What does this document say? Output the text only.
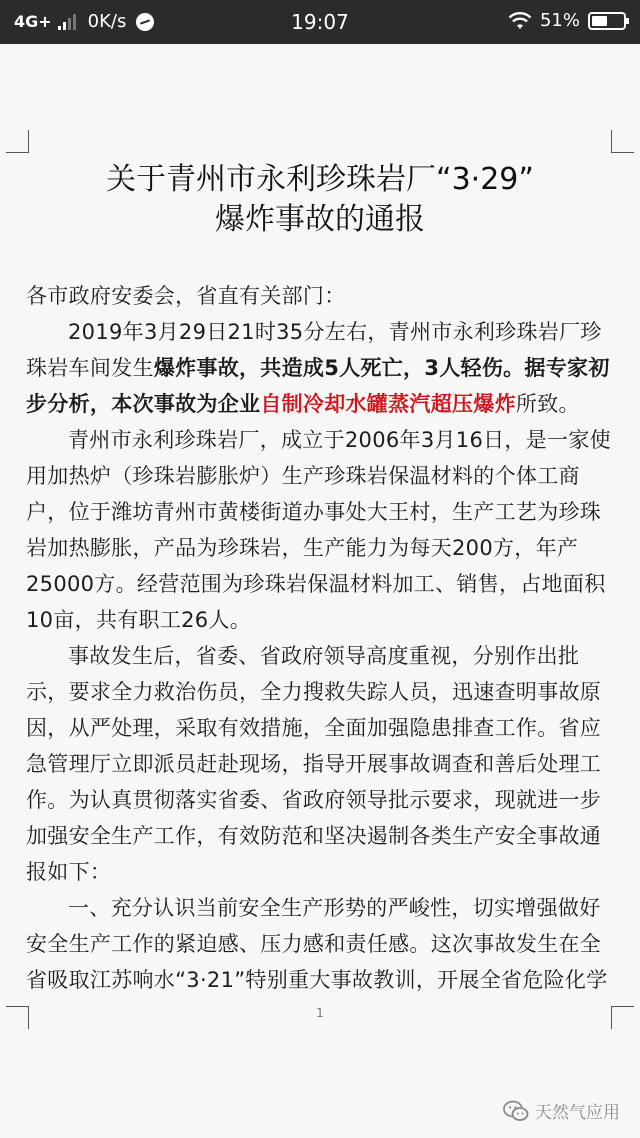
4G+ 0K/s	19:07	51%
关于青州市永利珍珠岩厂“3·29”
爆炸事故的通报

各市政府安委会，省直有关部门：

2019年3月29日21时35分左右，青州市永利珍珠岩厂珍珠岩车间发生爆炸事故，共造成5人死亡，3人轻伤。据专家初步分析，本次事故为企业自制冷却水罐蒸汽超压爆炸所致。

青州市永利珍珠岩厂，成立于2006年3月16日，是一家使用加热炉（珍珠岩膨胀炉）生产珍珠岩保温材料的个体工商户，位于潍坊青州市黄楼街道办事处大王村，生产工艺为珍珠岩加热膨胀，产品为珍珠岩，生产能力为每天200方，年产25000方。经营范围为珍珠岩保温材料加工、销售，占地面积10亩，共有职工26人。

事故发生后，省委、省政府领导高度重视，分别作出批示，要求全力救治伤员，全力搜救失踪人员，迅速查明事故原因，从严处理，采取有效措施，全面加强隐患排查工作。省应急管理厅立即派员赶赴现场，指导开展事故调查和善后处理工作。为认真贯彻落实省委、省政府领导批示要求，现就进一步加强安全生产工作，有效防范和坚决遏制各类生产安全事故通报如下：

一、充分认识当前安全生产形势的严峻性，切实增强做好安全生产工作的紧迫感、压力感和责任感。这次事故发生在全省吸取江苏响水“3·21”特别重大事故教训，开展全省危险化学

1
天然气应用
